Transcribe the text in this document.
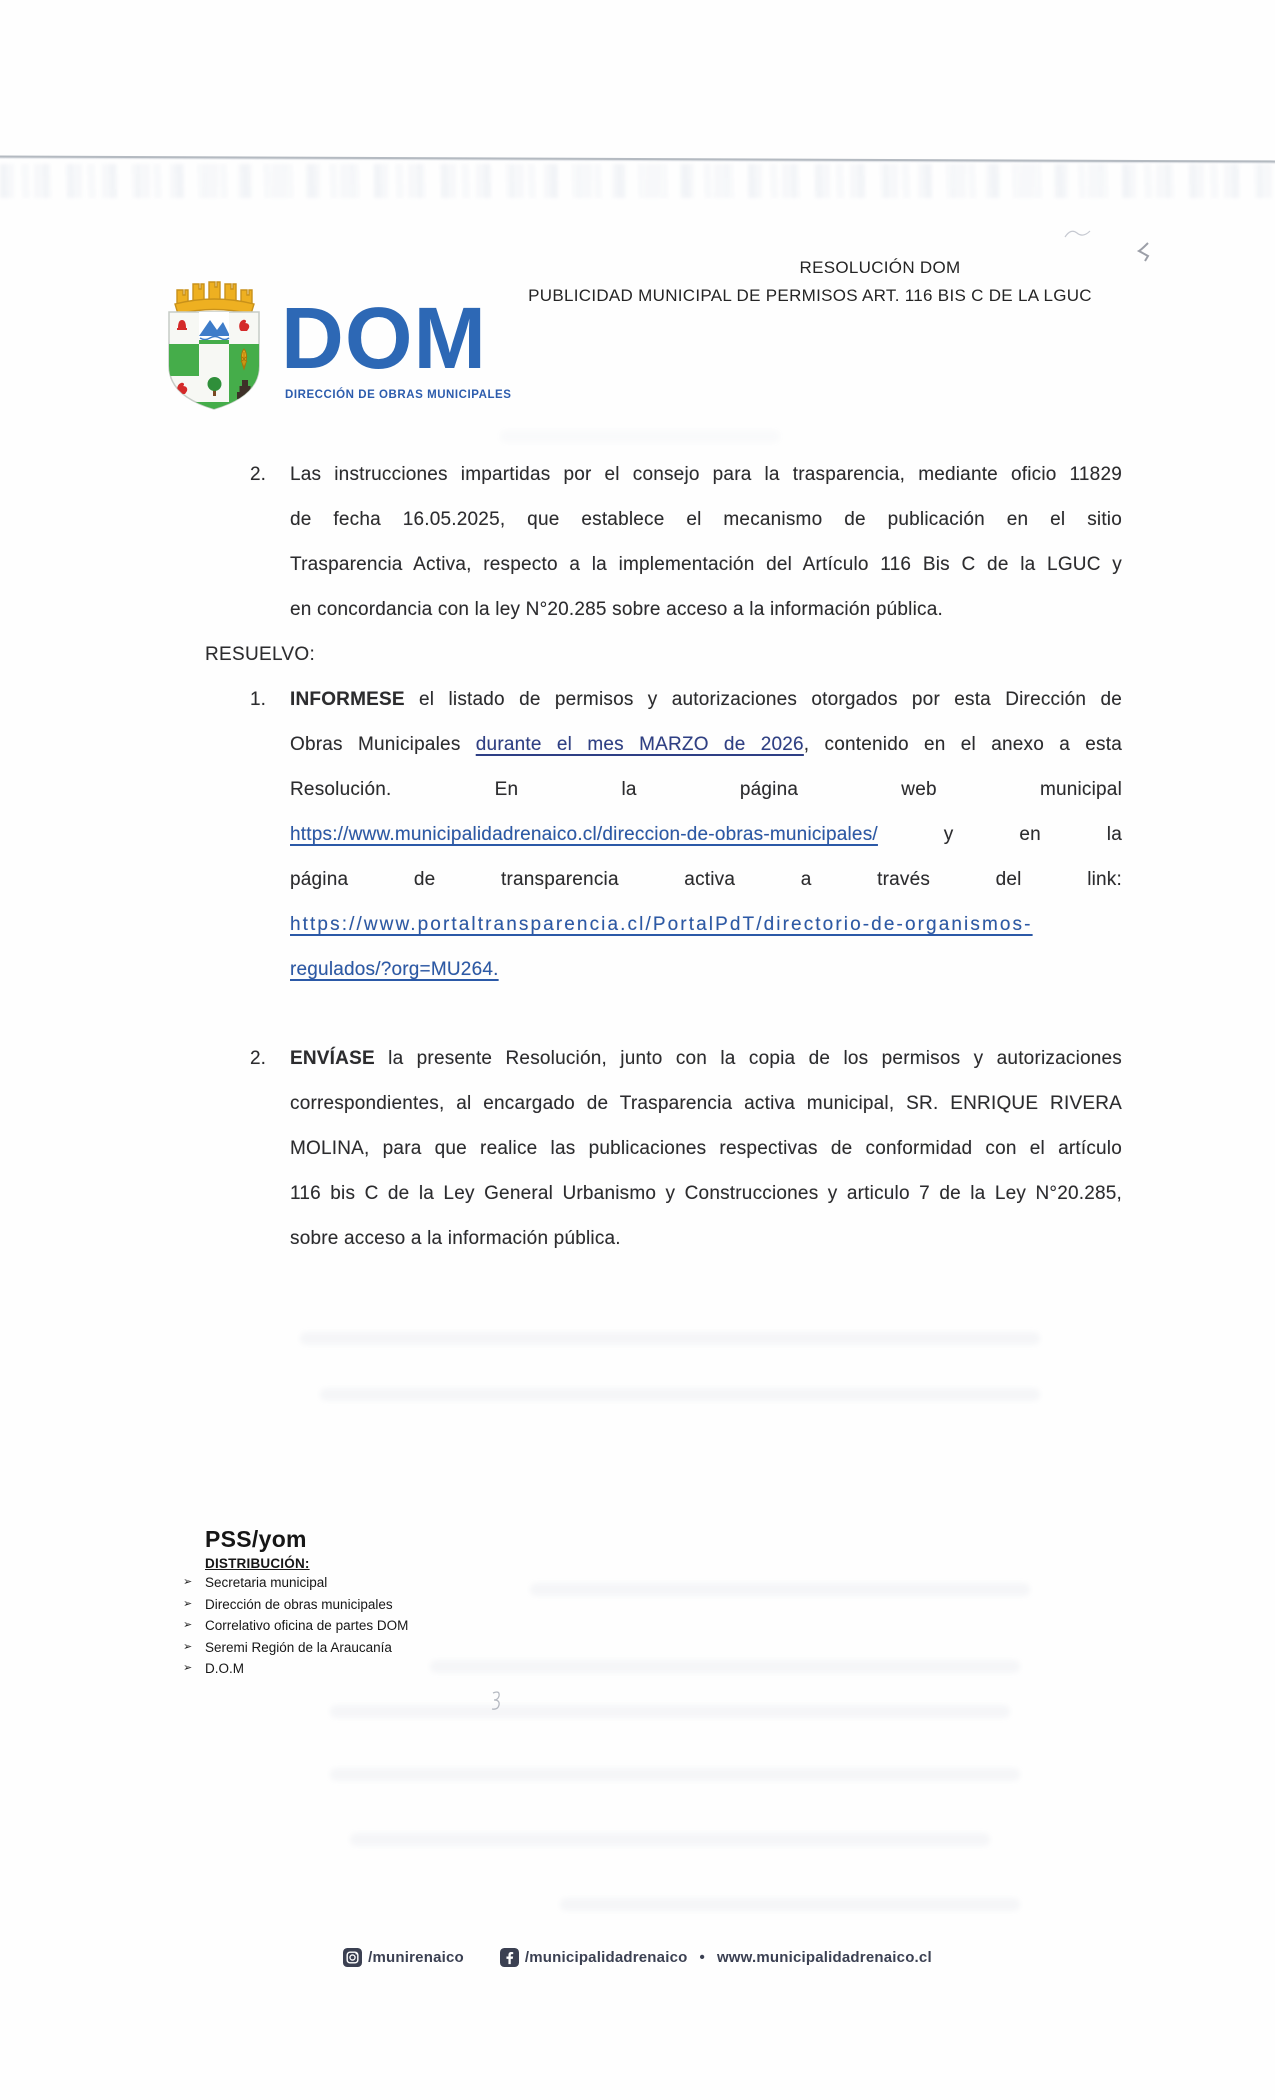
RESOLUCIÓN DOM
PUBLICIDAD MUNICIPAL DE PERMISOS ART. 116 BIS C DE LA LGUC
DOM
DIRECCIÓN DE OBRAS MUNICIPALES
2.	Las instrucciones impartidas por el consejo para la trasparencia, mediante oficio 11829
de fecha 16.05.2025, que establece el mecanismo de publicación en el sitio
Trasparencia Activa, respecto a la implementación del Artículo 116 Bis C de la LGUC y
en concordancia con la ley N°20.285 sobre acceso a la información pública.
RESUELVO:
1.	INFORMESE el listado de permisos y autorizaciones otorgados por esta Dirección de
Obras Municipales durante el mes MARZO de 2026, contenido en el anexo a esta
Resolución. En la página web municipal
https://www.municipalidadrenaico.cl/direccion-de-obras-municipales/ y en la
página de transparencia activa a través del link:
https://www.portaltransparencia.cl/PortalPdT/directorio-de-organismos-
regulados/?org=MU264.
2.	ENVÍASE la presente Resolución, junto con la copia de los permisos y autorizaciones
correspondientes, al encargado de Trasparencia activa municipal, SR. ENRIQUE RIVERA
MOLINA, para que realice las publicaciones respectivas de conformidad con el artículo
116 bis C de la Ley General Urbanismo y Construcciones y articulo 7 de la Ley N°20.285,
sobre acceso a la información pública.
PSS/yom
DISTRIBUCIÓN:
➢ Secretaria municipal
➢ Dirección de obras municipales
➢ Correlativo oficina de partes DOM
➢ Seremi Región de la Araucanía
➢ D.O.M
/munirenaico	/municipalidadrenaico • www.municipalidadrenaico.cl
